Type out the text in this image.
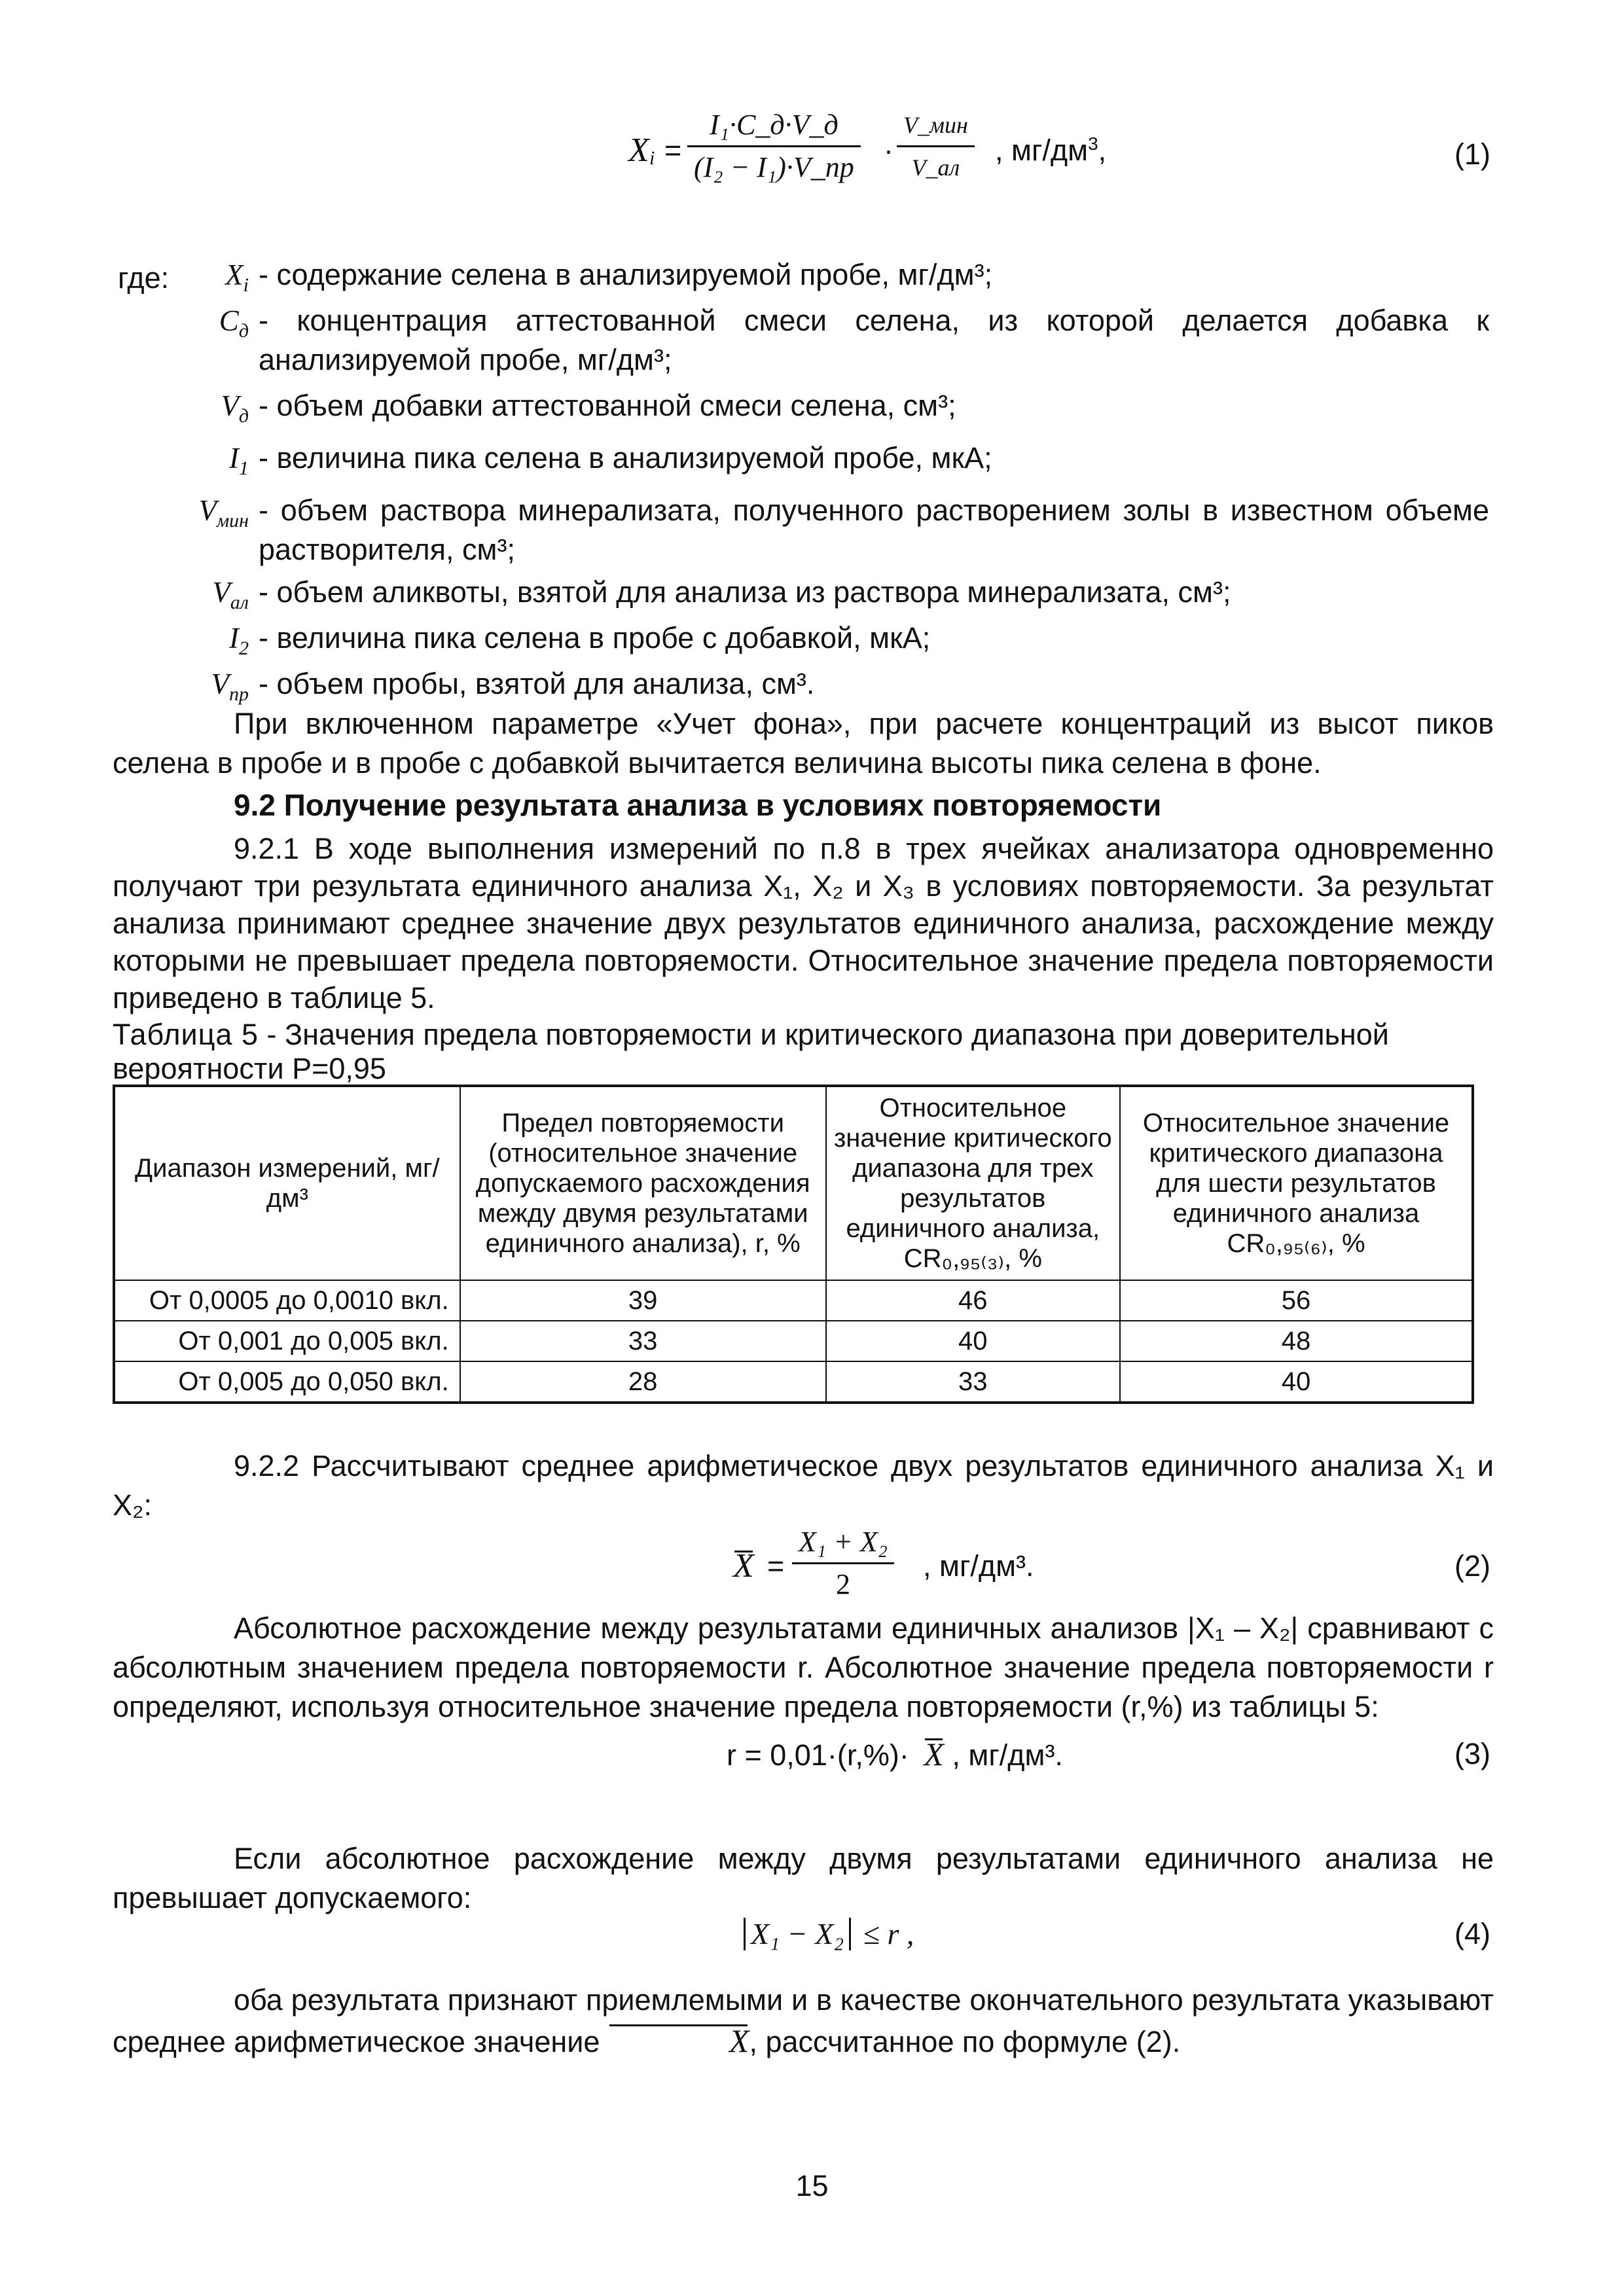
X i =
I₁·C_д·V_д
(I₂ − I₁)·V_пр
·
V_мин
V_ал
, $мг/дм^3$,	(1)
где:	$X_i$ - содержание селена в анализируемой пробе, мг/дм³;
$C_д$ - концентрация аттестованной смеси селена, из которой делается добавка к анализируемой пробе, мг/дм³;
$V_д$ - объем добавки аттестованной смеси селена, см³;
$I_1$ - величина пика селена в анализируемой пробе, мкА;
$V_{мин}$ - объем раствора минерализата, полученного растворением золы в известном объеме растворителя, см³;
$V_{ал}$ - объем аликвоты, взятой для анализа из раствора минерализата, см³;
$I_2$ - величина пика селена в пробе с добавкой, мкА;
$V_{пр}$ - объем пробы, взятой для анализа, см³.
При включенном параметре «Учет фона», при расчете концентраций из высот пиков селена в пробе и в пробе с добавкой вычитается величина высоты пика селена в фоне.
9.2 Получение результата анализа в условиях повторяемости
9.2.1 В ходе выполнения измерений по п.8 в трех ячейках анализатора одновременно получают три результата единичного анализа X₁, X₂ и X₃ в условиях повторяемости. За результат анализа принимают среднее значение двух результатов единичного анализа, расхождение между которыми не превышает предела повторяемости. Относительное значение предела повторяемости приведено в таблице 5.
Таблица 5 - Значения предела повторяемости и критического диапазона при доверительной вероятности Р=0,95
Диапазон измерений, мг/дм³	Предел повторяемости (относительное значение допускаемого расхождения между двумя результатами единичного анализа), r, %	Относительное значение критического диапазона для трех результатов единичного анализа, CR₀,₉₅₍₃₎, %	Относительное значение критического диапазона для шести результатов единичного анализа CR₀,₉₅₍₆₎, %
От 0,0005 до 0,0010 вкл.	39	46	56
От 0,001 до 0,005 вкл.	33	40	48
От 0,005 до 0,050 вкл.	28	33	40
9.2.2 Рассчитывают среднее арифметическое двух результатов единичного анализа X₁ и X₂:
$X = \frac{\text{X₁ + X₂}}{2}$ , мг/дм³.	(2)
Абсолютное расхождение между результатами единичных анализов |X₁ – X₂| сравнивают с абсолютным значением предела повторяемости r. Абсолютное значение предела повторяемости r определяют, используя относительное значение предела повторяемости (r,%) из таблицы 5:
r = 0,01·(r,%)· X , мг/дм³.	(3)
Если абсолютное расхождение между двумя результатами единичного анализа не превышает допускаемого:
X₁ − X₂ ≤ r ,	(4)
оба результата признают приемлемыми и в качестве окончательного результата указывают среднее арифметическое значение	X, рассчитанное по формуле (2).
15
